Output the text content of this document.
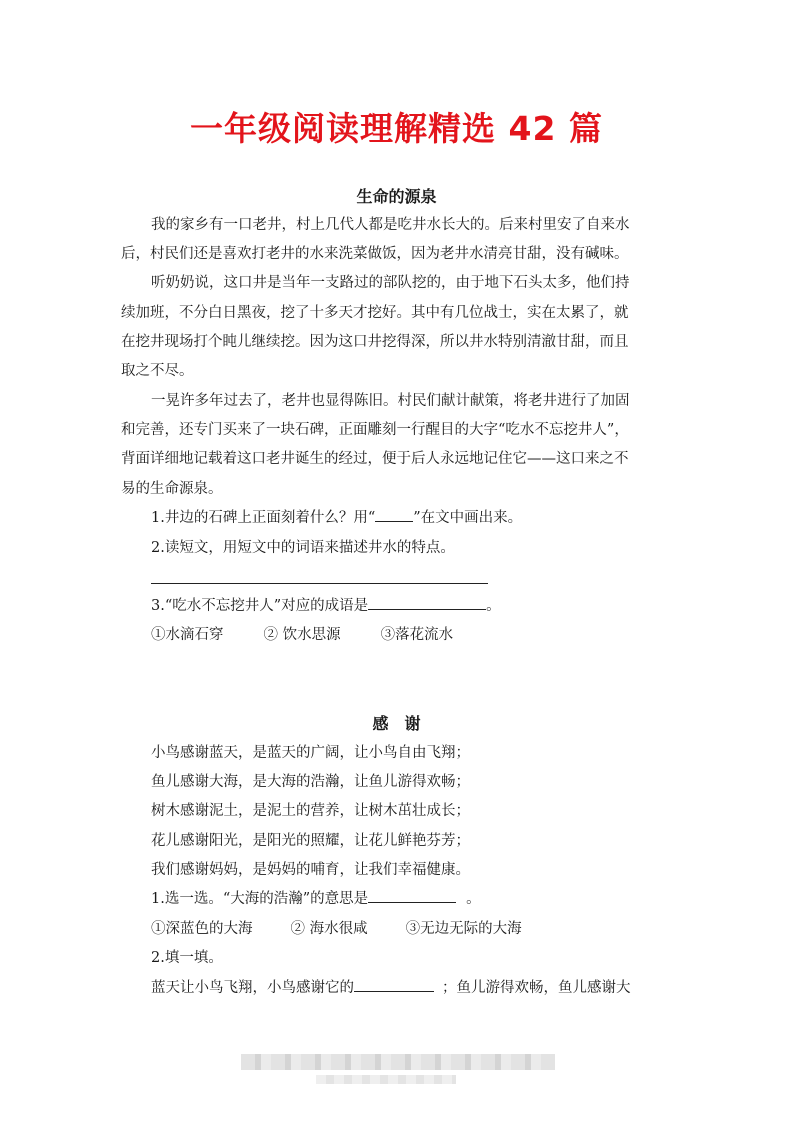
一年级阅读理解精选 42 篇
生命的源泉
我的家乡有一口老井，村上几代人都是吃井水长大的。后来村里安了自来水
后，村民们还是喜欢打老井的水来洗菜做饭，因为老井水清亮甘甜，没有碱味。
听奶奶说，这口井是当年一支路过的部队挖的，由于地下石头太多，他们持
续加班，不分白日黑夜，挖了十多天才挖好。其中有几位战士，实在太累了，就
在挖井现场打个盹儿继续挖。因为这口井挖得深，所以井水特别清澈甘甜，而且
取之不尽。
一晃许多年过去了，老井也显得陈旧。村民们献计献策，将老井进行了加固
和完善，还专门买来了一块石碑，正面雕刻一行醒目的大字“吃水不忘挖井人”，
背面详细地记载着这口老井诞生的经过，便于后人永远地记住它——这口来之不
易的生命源泉。
1.井边的石碑上正面刻着什么？用“	”在文中画出来。
2.读短文，用短文中的词语来描述井水的特点。
3.“吃水不忘挖井人”对应的成语是	。
①水滴石穿	② 饮水思源	③落花流水
感　谢
小鸟感谢蓝天，是蓝天的广阔，让小鸟自由飞翔；
鱼儿感谢大海，是大海的浩瀚，让鱼儿游得欢畅；
树木感谢泥土，是泥土的营养，让树木茁壮成长；
花儿感谢阳光，是阳光的照耀，让花儿鲜艳芬芳；
我们感谢妈妈，是妈妈的哺育，让我们幸福健康。
1.选一选。“大海的浩瀚”的意思是	。
①深蓝色的大海	② 海水很咸	③无边无际的大海
2.填一填。
蓝天让小鸟飞翔，小鸟感谢它的	；鱼儿游得欢畅，鱼儿感谢大
